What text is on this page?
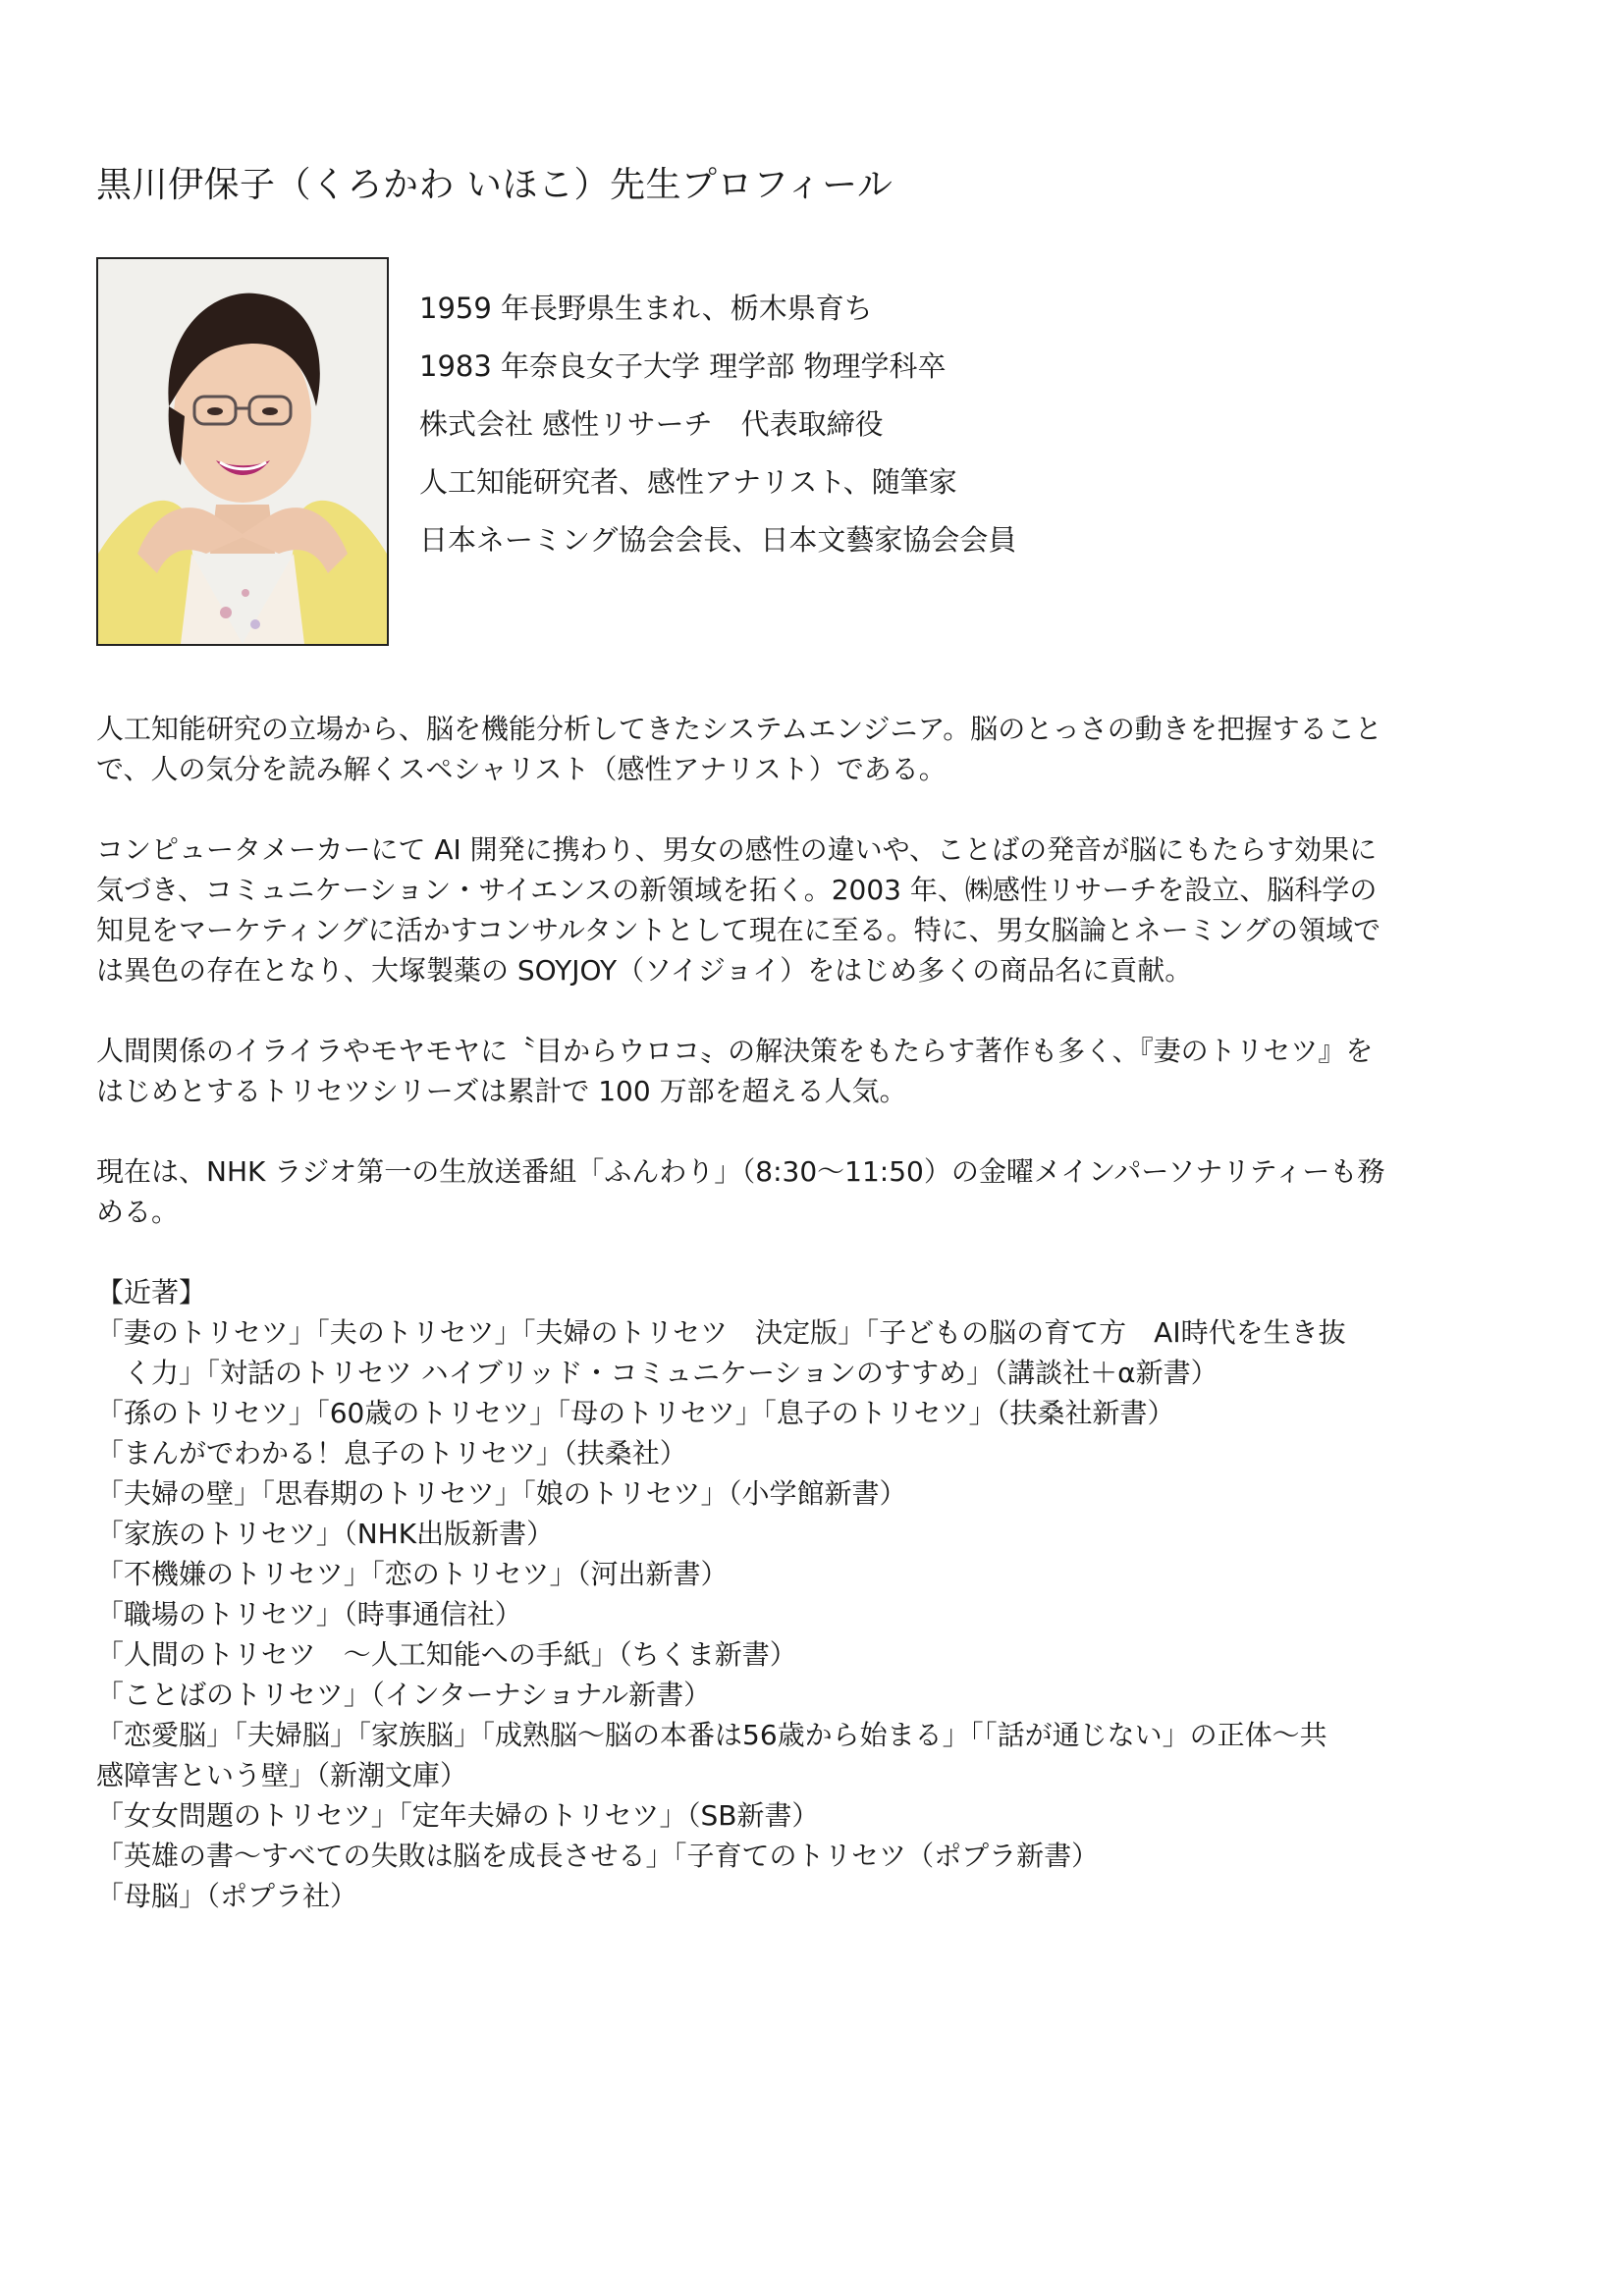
黒川伊保子（くろかわ いほこ）先生プロフィール
1959 年長野県生まれ、栃木県育ち
1983 年奈良女子大学 理学部 物理学科卒
株式会社 感性リサーチ　代表取締役
人工知能研究者、感性アナリスト、随筆家
日本ネーミング協会会長、日本文藝家協会会員
人工知能研究の立場から、脳を機能分析してきたシステムエンジニア。脳のとっさの動きを把握すること
で、人の気分を読み解くスペシャリスト（感性アナリスト）である。
コンピュータメーカーにて AI 開発に携わり、男女の感性の違いや、ことばの発音が脳にもたらす効果に
気づき、コミュニケーション・サイエンスの新領域を拓く。2003 年、㈱感性リサーチを設立、脳科学の
知見をマーケティングに活かすコンサルタントとして現在に至る。特に、男女脳論とネーミングの領域で
は異色の存在となり、大塚製薬の SOYJOY（ソイジョイ）をはじめ多くの商品名に貢献。
人間関係のイライラやモヤモヤに〝目からウロコ〟の解決策をもたらす著作も多く、『妻のトリセツ』を
はじめとするトリセツシリーズは累計で 100 万部を超える人気。
現在は、NHK ラジオ第一の生放送番組「ふんわり」（8:30～11:50）の金曜メインパーソナリティーも務
める。
【近著】
「妻のトリセツ」「夫のトリセツ」「夫婦のトリセツ　決定版」「子どもの脳の育て方　AI時代を生き抜
　く力」「対話のトリセツ ハイブリッド・コミュニケーションのすすめ」（講談社＋α新書）
「孫のトリセツ」「60歳のトリセツ」「母のトリセツ」「息子のトリセツ」（扶桑社新書）
「まんがでわかる！息子のトリセツ」（扶桑社）
「夫婦の壁」「思春期のトリセツ」「娘のトリセツ」（小学館新書）
「家族のトリセツ」（NHK出版新書）
「不機嫌のトリセツ」「恋のトリセツ」（河出新書）
「職場のトリセツ」（時事通信社）
「人間のトリセツ　～人工知能への手紙」（ちくま新書）
「ことばのトリセツ」（インターナショナル新書）
「恋愛脳」「夫婦脳」「家族脳」「成熟脳～脳の本番は56歳から始まる」「「話が通じない」の正体～共
感障害という壁」（新潮文庫）
「女女問題のトリセツ」「定年夫婦のトリセツ」（SB新書）
「英雄の書～すべての失敗は脳を成長させる」「子育てのトリセツ（ポプラ新書）
「母脳」（ポプラ社）
